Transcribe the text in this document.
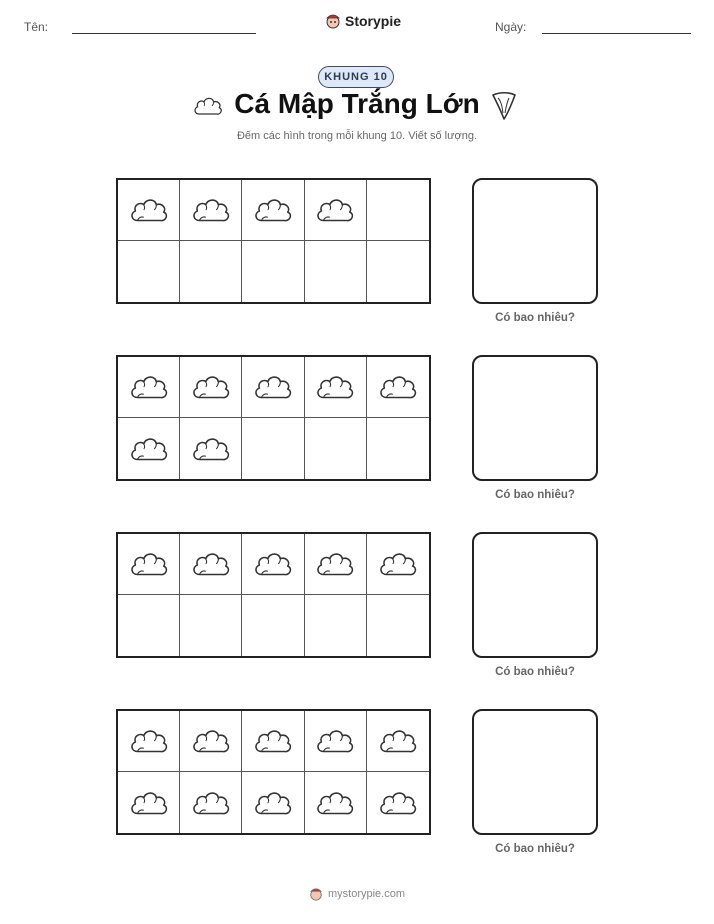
Tên:	Storypie	Ngày:
KHUNG 10
Cá Mập Trắng Lớn
Đếm các hình trong mỗi khung 10. Viết số lượng.
Có bao nhiêu?
Có bao nhiêu?
Có bao nhiêu?
Có bao nhiêu?
mystorypie.com
